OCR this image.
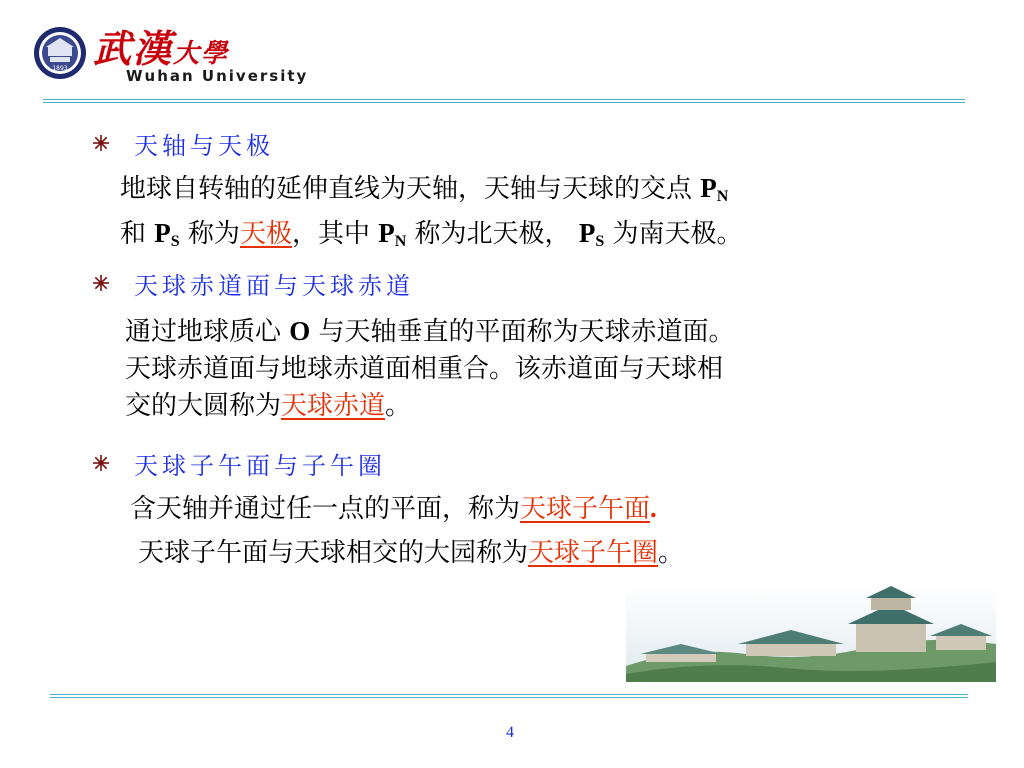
1893 武漢大學
Wuhan University
天轴与天极
地球自转轴的延伸直线为天轴，天轴与天球的交点 $P_N$
和 $P_S$ 称为天极，其中 $P_N$ 称为北天极， $P_S$ 为南天极。
天球赤道面与天球赤道
通过地球质心 O 与天轴垂直的平面称为天球赤道面。
天球赤道面与地球赤道面相重合。该赤道面与天球相
交的大圆称为天球赤道。
天球子午面与子午圈
含天轴并通过任一点的平面，称为天球子午面.
天球子午面与天球相交的大园称为天球子午圈。
4
